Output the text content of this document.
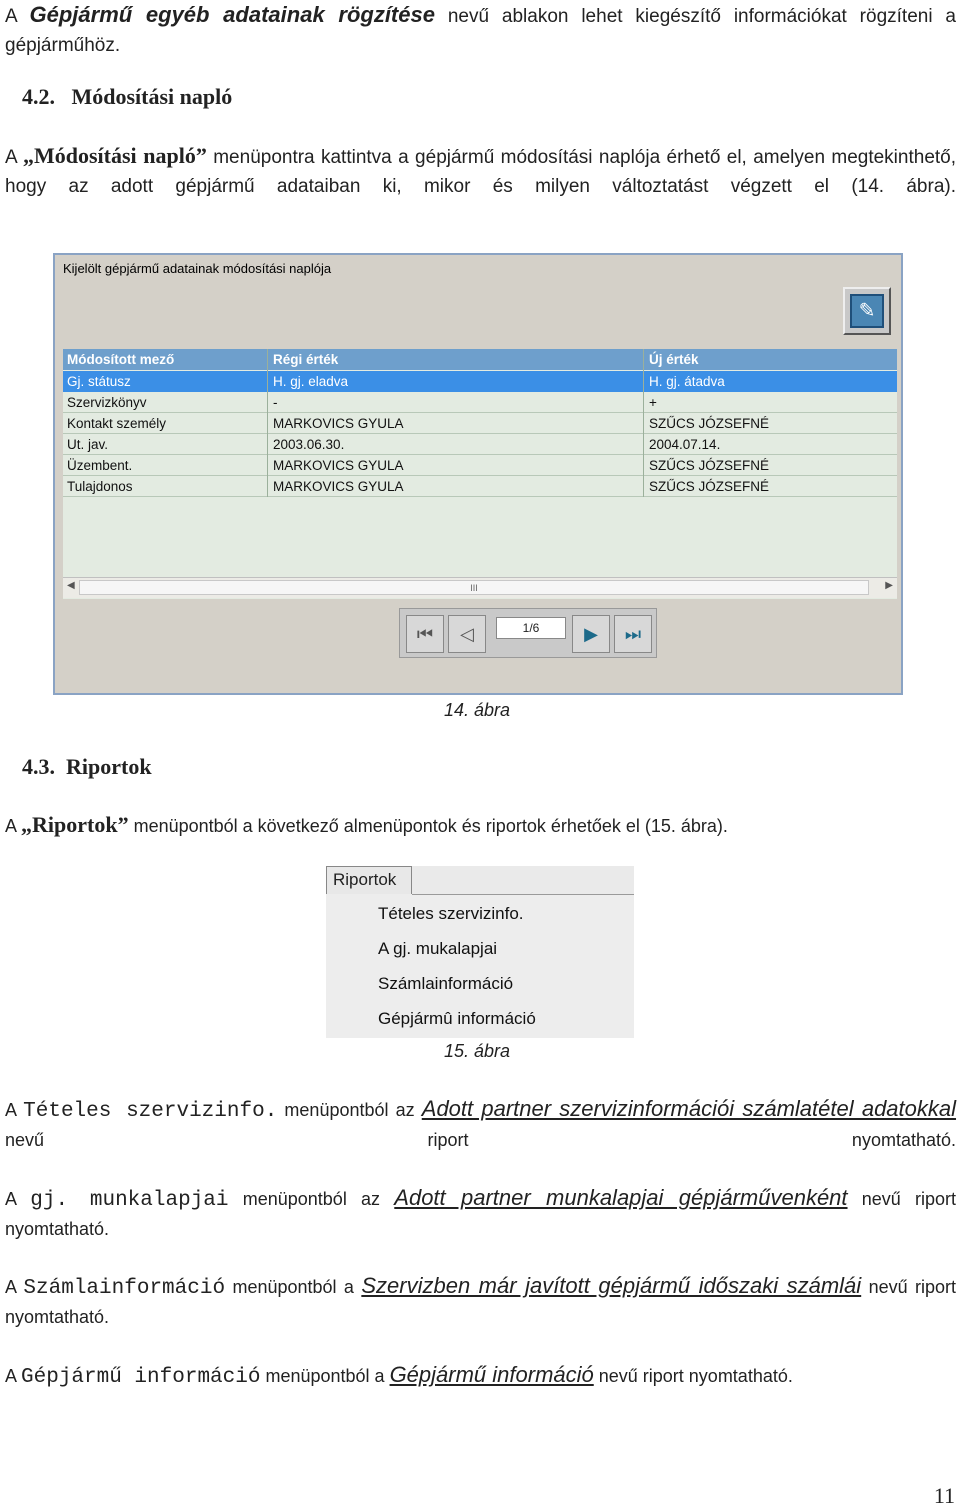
A Gépjármű egyéb adatainak rögzítése nevű ablakon lehet kiegészítő információkat rögzíteni a gépjárműhöz.
4.2. Módosítási napló
A „Módosítási napló” menüpontra kattintva a gépjármű módosítási naplója érhető el, amelyen megtekinthető, hogy az adott gépjármű adataiban ki, mikor és milyen változtatást végzett el (14. ábra).
Kijelölt gépjármű adatainak módosítási naplója
✎
Módosított mező	Régi érték	Új érték
Gj. státusz	H. gj. eladva	H. gj. átadva
Szervizkönyv	-	+
Kontakt személy	MARKOVICS GYULA	SZŰCS JÓZSEFNÉ
Ut. jav.	2003.06.30.	2004.07.14.
Üzembent.	MARKOVICS GYULA	SZŰCS JÓZSEFNÉ
Tulajdonos	MARKOVICS GYULA	SZŰCS JÓZSEFNÉ
◀	III	▶
⏮	◁	1/6	▶	⏭
14. ábra
4.3. Riportok
A „Riportok” menüpontból a következő almenüpontok és riportok érhetőek el (15. ábra).
Riportok
Tételes szervizinfo.
A gj. mukalapjai
Számlainformáció
Gépjármû információ
15. ábra
A Tételes szervizinfo. menüpontból az Adott partner szervizinformációi számlatétel adatokkal nevű riport nyomtatható.
A gj. munkalapjai menüpontból az Adott partner munkalapjai gépjárművenként nevű riport nyomtatható.
A Számlainformáció menüpontból a Szervizben már javított gépjármű időszaki számlái nevű riport nyomtatható.
A Gépjármű információ menüpontból a Gépjármű információ nevű riport nyomtatható.
11
